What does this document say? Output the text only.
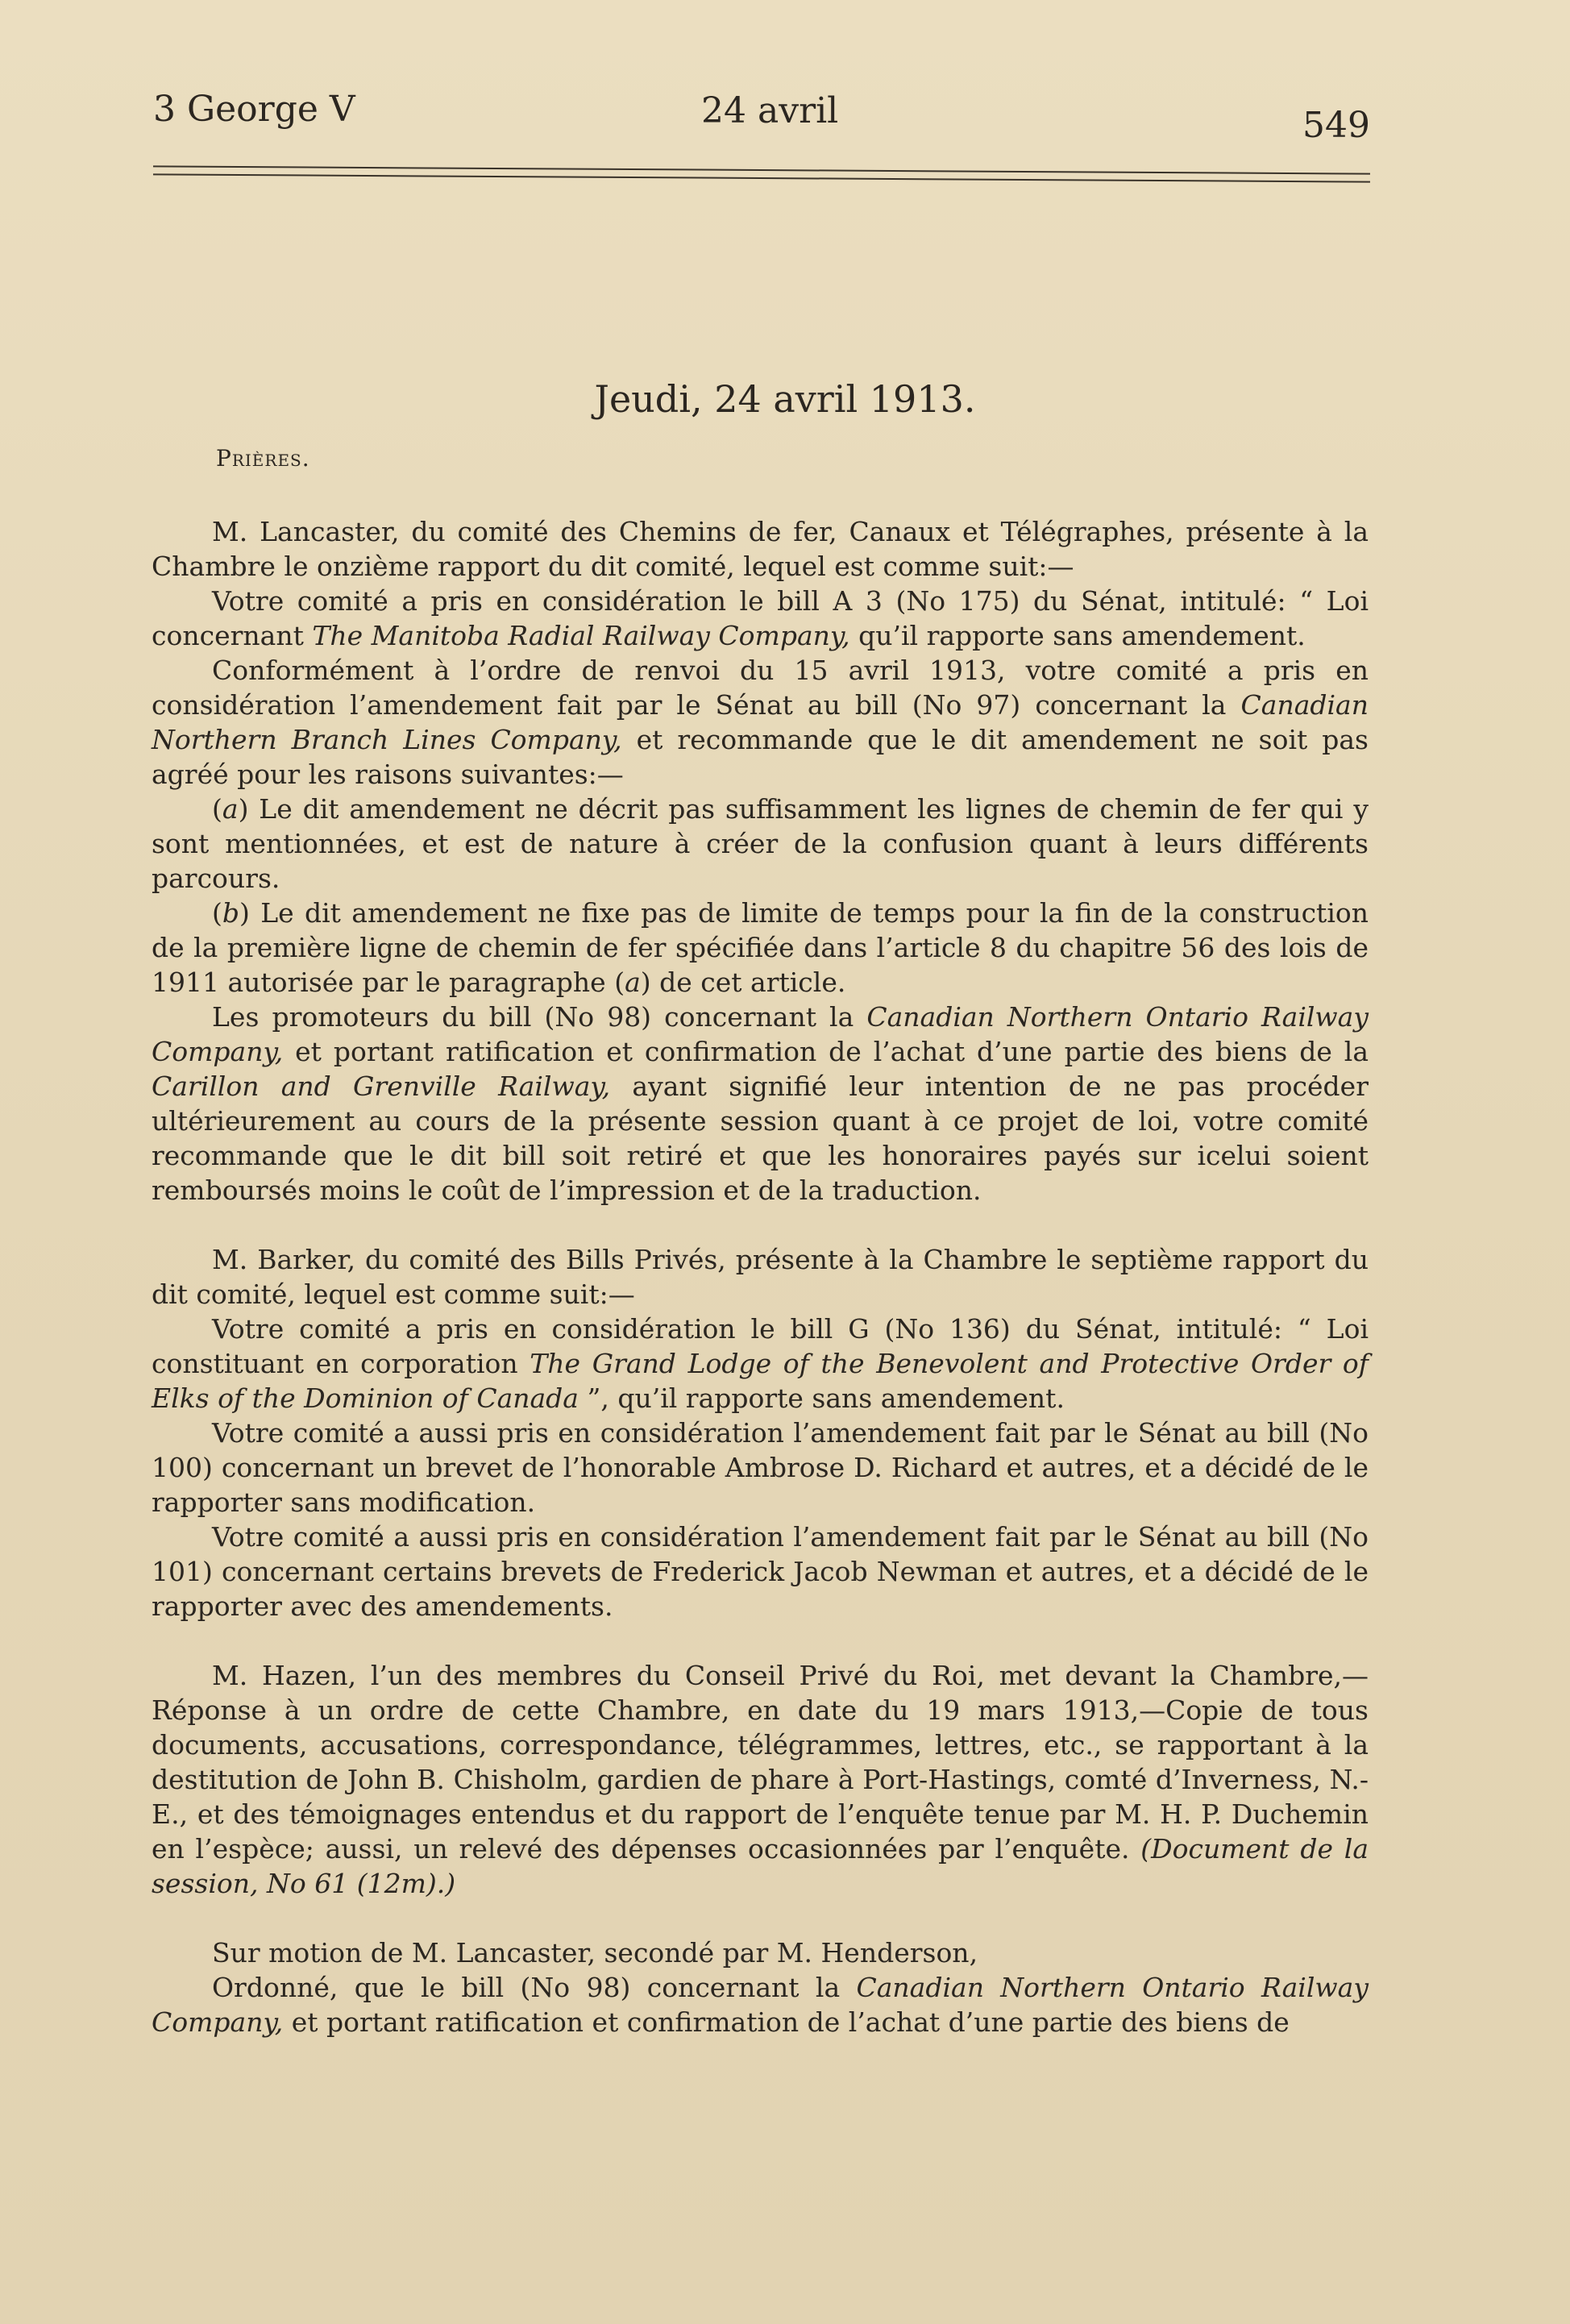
3 George V	24 avril	549
Jeudi, 24 avril 1913.
Prières.

M. Lancaster, du comité des Chemins de fer, Canaux et Télégraphes, présente à la Chambre le onzième rapport du dit comité, lequel est comme suit:—

Votre comité a pris en considération le bill A 3 (No 175) du Sénat, intitulé: “ Loi concernant The Manitoba Radial Railway Company, qu’il rapporte sans amendement.

Conformément à l’ordre de renvoi du 15 avril 1913, votre comité a pris en considération l’amendement fait par le Sénat au bill (No 97) concernant la Canadian Northern Branch Lines Company, et recommande que le dit amendement ne soit pas agréé pour les raisons suivantes:—

(a) Le dit amendement ne décrit pas suffisamment les lignes de chemin de fer qui y sont mentionnées, et est de nature à créer de la confusion quant à leurs différents parcours.

(b) Le dit amendement ne fixe pas de limite de temps pour la fin de la construction de la première ligne de chemin de fer spécifiée dans l’article 8 du chapitre 56 des lois de 1911 autorisée par le paragraphe (a) de cet article.

Les promoteurs du bill (No 98) concernant la Canadian Northern Ontario Railway Company, et portant ratification et confirmation de l’achat d’une partie des biens de la Carillon and Grenville Railway, ayant signifié leur intention de ne pas procéder ultérieurement au cours de la présente session quant à ce projet de loi, votre comité recommande que le dit bill soit retiré et que les honoraires payés sur icelui soient remboursés moins le coût de l’impression et de la traduction.

M. Barker, du comité des Bills Privés, présente à la Chambre le septième rapport du dit comité, lequel est comme suit:—

Votre comité a pris en considération le bill G (No 136) du Sénat, intitulé: “ Loi constituant en corporation The Grand Lodge of the Benevolent and Protective Order of Elks of the Dominion of Canada ”, qu’il rapporte sans amendement.

Votre comité a aussi pris en considération l’amendement fait par le Sénat au bill (No 100) concernant un brevet de l’honorable Ambrose D. Richard et autres, et a décidé de le rapporter sans modification.

Votre comité a aussi pris en considération l’amendement fait par le Sénat au bill (No 101) concernant certains brevets de Frederick Jacob Newman et autres, et a décidé de le rapporter avec des amendements.

M. Hazen, l’un des membres du Conseil Privé du Roi, met devant la Chambre,—Réponse à un ordre de cette Chambre, en date du 19 mars 1913,—Copie de tous documents, accusations, correspondance, télégrammes, lettres, etc., se rapportant à la destitution de John B. Chisholm, gardien de phare à Port-Hastings, comté d’Inverness, N.-E., et des témoignages entendus et du rapport de l’enquête tenue par M. H. P. Duchemin en l’espèce; aussi, un relevé des dépenses occasionnées par l’enquête. (Document de la session, No 61 (12m).)

Sur motion de M. Lancaster, secondé par M. Henderson,

Ordonné, que le bill (No 98) concernant la Canadian Northern Ontario Railway Company, et portant ratification et confirmation de l’achat d’une partie des biens de
